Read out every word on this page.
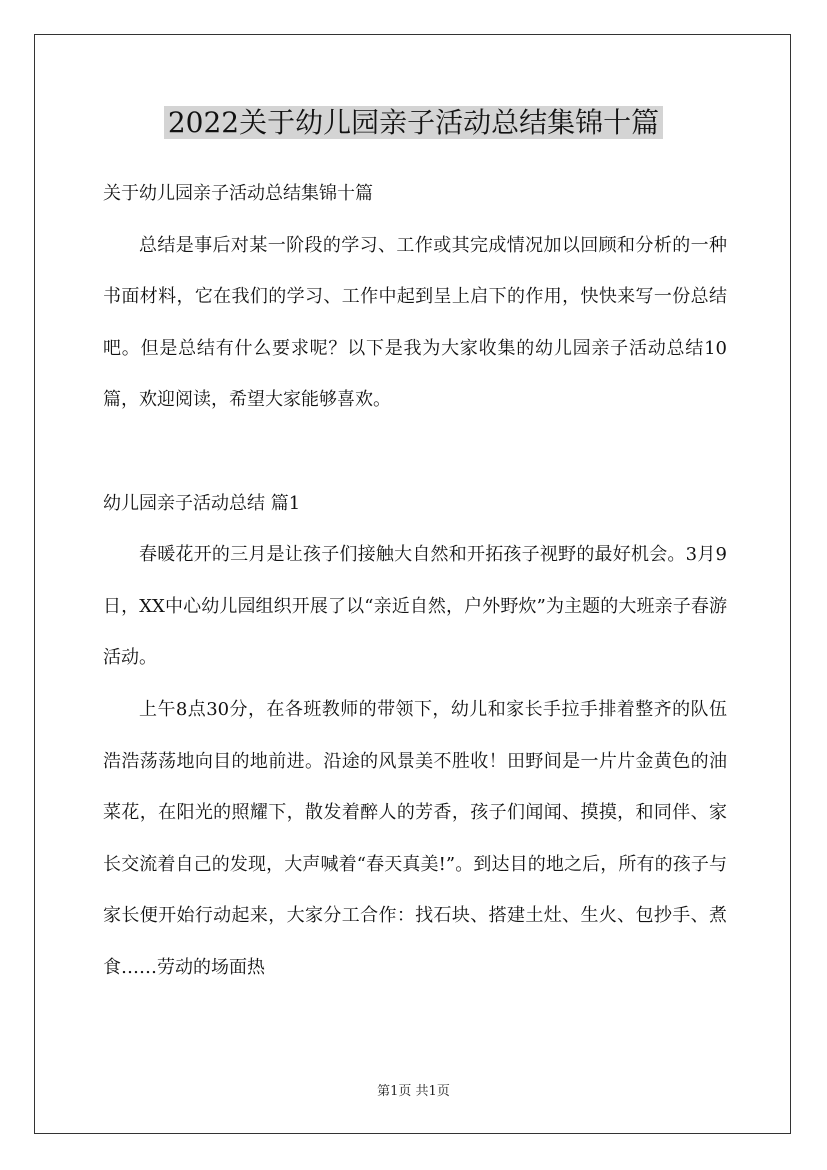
2022关于幼儿园亲子活动总结集锦十篇

关于幼儿园亲子活动总结集锦十篇

总结是事后对某一阶段的学习、工作或其完成情况加以回顾和分析的一种书面材料，它在我们的学习、工作中起到呈上启下的作用，快快来写一份总结吧。但是总结有什么要求呢？以下是我为大家收集的幼儿园亲子活动总结10篇，欢迎阅读，希望大家能够喜欢。

幼儿园亲子活动总结 篇1

春暖花开的三月是让孩子们接触大自然和开拓孩子视野的最好机会。3月9日，XX中心幼儿园组织开展了以“亲近自然，户外野炊”为主题的大班亲子春游活动。

上午8点30分，在各班教师的带领下，幼儿和家长手拉手排着整齐的队伍浩浩荡荡地向目的地前进。沿途的风景美不胜收！田野间是一片片金黄色的油菜花，在阳光的照耀下，散发着醉人的芳香，孩子们闻闻、摸摸，和同伴、家长交流着自己的发现，大声喊着“春天真美!”。到达目的地之后，所有的孩子与家长便开始行动起来，大家分工合作：找石块、搭建土灶、生火、包抄手、煮食……劳动的场面热

第1页 共1页
